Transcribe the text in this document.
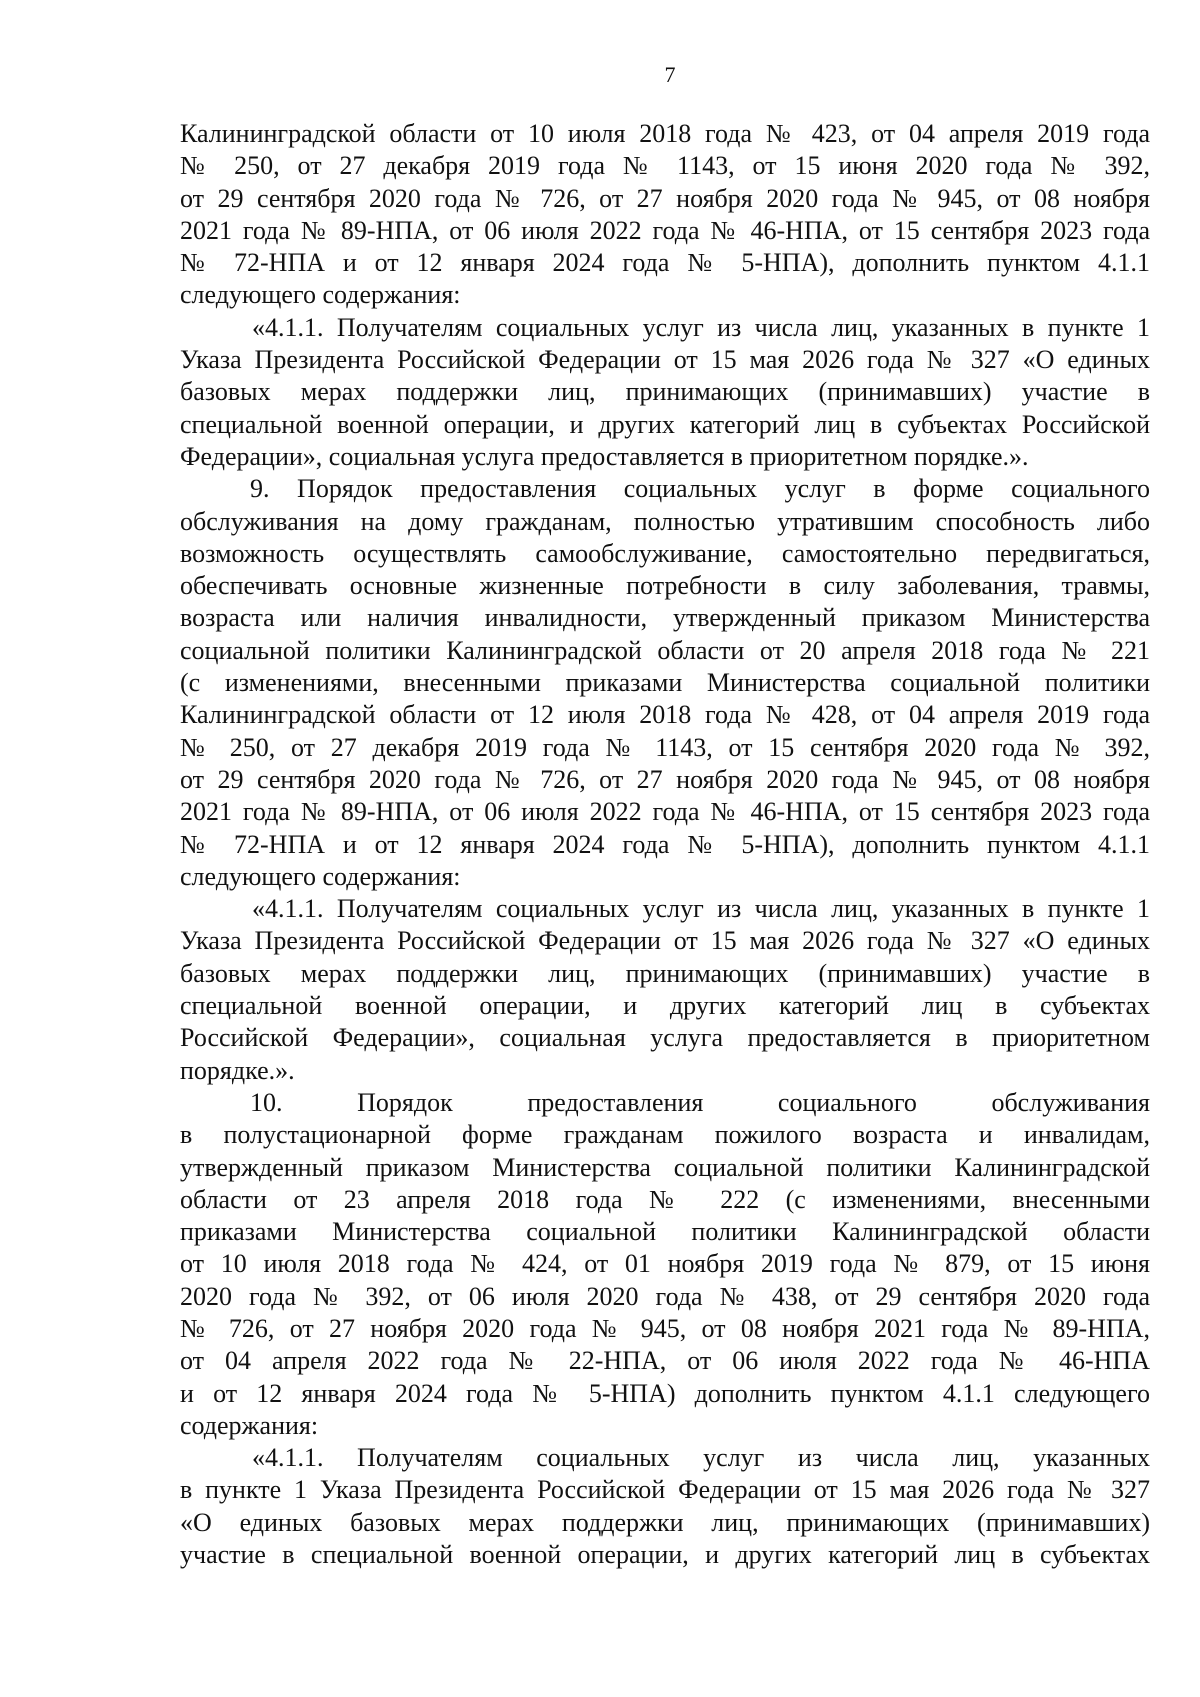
7
Калининградской области от 10 июля 2018 года № 423, от 04 апреля 2019 года
№ 250, от 27 декабря 2019 года № 1143, от 15 июня 2020 года № 392,
от 29 сентября 2020 года № 726, от 27 ноября 2020 года № 945, от 08 ноября
2021 года № 89-НПА, от 06 июля 2022 года № 46-НПА, от 15 сентября 2023 года
№ 72-НПА и от 12 января 2024 года № 5-НПА), дополнить пунктом 4.1.1
следующего содержания:
«4.1.1. Получателям социальных услуг из числа лиц, указанных в пункте 1
Указа Президента Российской Федерации от 15 мая 2026 года № 327 «О единых
базовых мерах поддержки лиц, принимающих (принимавших) участие в
специальной военной операции, и других категорий лиц в субъектах Российской
Федерации», социальная услуга предоставляется в приоритетном порядке.».
9. Порядок предоставления социальных услуг в форме социального
обслуживания на дому гражданам, полностью утратившим способность либо
возможность осуществлять самообслуживание, самостоятельно передвигаться,
обеспечивать основные жизненные потребности в силу заболевания, травмы,
возраста или наличия инвалидности, утвержденный приказом Министерства
социальной политики Калининградской области от 20 апреля 2018 года № 221
(с изменениями, внесенными приказами Министерства социальной политики
Калининградской области от 12 июля 2018 года № 428, от 04 апреля 2019 года
№ 250, от 27 декабря 2019 года № 1143, от 15 сентября 2020 года № 392,
от 29 сентября 2020 года № 726, от 27 ноября 2020 года № 945, от 08 ноября
2021 года № 89-НПА, от 06 июля 2022 года № 46-НПА, от 15 сентября 2023 года
№ 72-НПА и от 12 января 2024 года № 5-НПА), дополнить пунктом 4.1.1
следующего содержания:
«4.1.1. Получателям социальных услуг из числа лиц, указанных в пункте 1
Указа Президента Российской Федерации от 15 мая 2026 года № 327 «О единых
базовых мерах поддержки лиц, принимающих (принимавших) участие в
специальной военной операции, и других категорий лиц в субъектах
Российской Федерации», социальная услуга предоставляется в приоритетном
порядке.».
10. Порядок предоставления социального обслуживания
в полустационарной форме гражданам пожилого возраста и инвалидам,
утвержденный приказом Министерства социальной политики Калининградской
области от 23 апреля 2018 года № 222 (с изменениями, внесенными
приказами Министерства социальной политики Калининградской области
от 10 июля 2018 года № 424, от 01 ноября 2019 года № 879, от 15 июня
2020 года № 392, от 06 июля 2020 года № 438, от 29 сентября 2020 года
№ 726, от 27 ноября 2020 года № 945, от 08 ноября 2021 года № 89-НПА,
от 04 апреля 2022 года № 22-НПА, от 06 июля 2022 года № 46-НПА
и от 12 января 2024 года № 5-НПА) дополнить пунктом 4.1.1 следующего
содержания:
«4.1.1. Получателям социальных услуг из числа лиц, указанных
в пункте 1 Указа Президента Российской Федерации от 15 мая 2026 года № 327
«О единых базовых мерах поддержки лиц, принимающих (принимавших)
участие в специальной военной операции, и других категорий лиц в субъектах
